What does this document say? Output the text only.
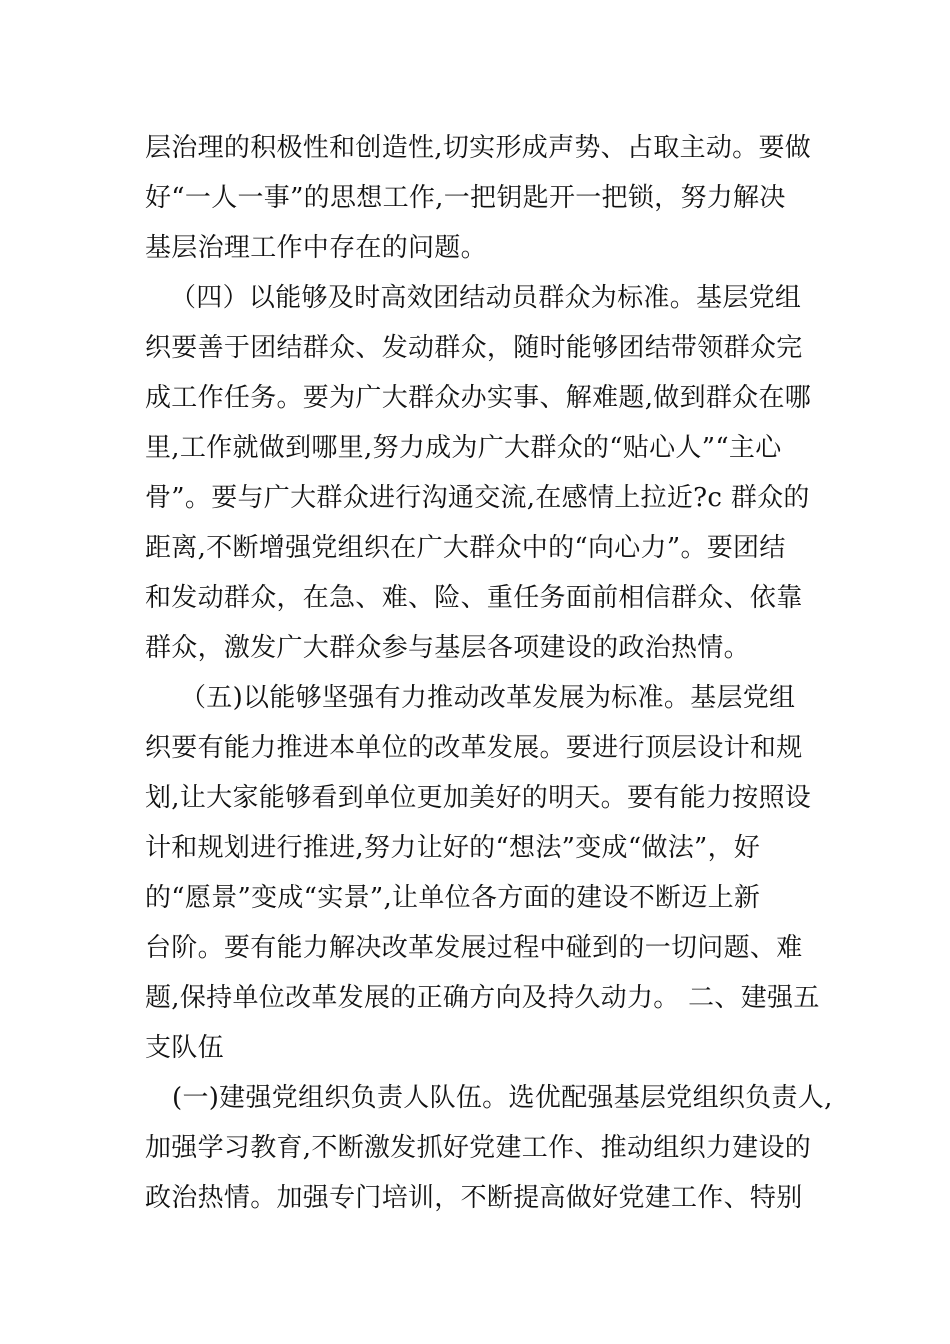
层治理的积极性和创造性,切实形成声势、占取主动。要做
好“一人一事”的思想工作,一把钥匙开一把锁，努力解决
基层治理工作中存在的问题。
（四）以能够及时高效团结动员群众为标准。基层党组
织要善于团结群众、发动群众，随时能够团结带领群众完
成工作任务。要为广大群众办实事、解难题,做到群众在哪
里,工作就做到哪里,努力成为广大群众的“贴心人”“主心
骨”。要与广大群众进行沟通交流,在感情上拉近?c 群众的
距离,不断增强党组织在广大群众中的“向心力”。要团结
和发动群众，在急、难、险、重任务面前相信群众、依靠
群众，激发广大群众参与基层各项建设的政治热情。
（五)以能够坚强有力推动改革发展为标准。基层党组
织要有能力推进本单位的改革发展。要进行顶层设计和规
划,让大家能够看到单位更加美好的明天。要有能力按照设
计和规划进行推进,努力让好的“想法”变成“做法”，好
的“愿景”变成“实景”,让单位各方面的建设不断迈上新
台阶。要有能力解决改革发展过程中碰到的一切问题、难
题,保持单位改革发展的正确方向及持久动力。 二、建强五
支队伍
(一)建强党组织负责人队伍。选优配强基层党组织负责人,
加强学习教育,不断激发抓好党建工作、推动组织力建设的
政治热情。加强专门培训，不断提高做好党建工作、特别
